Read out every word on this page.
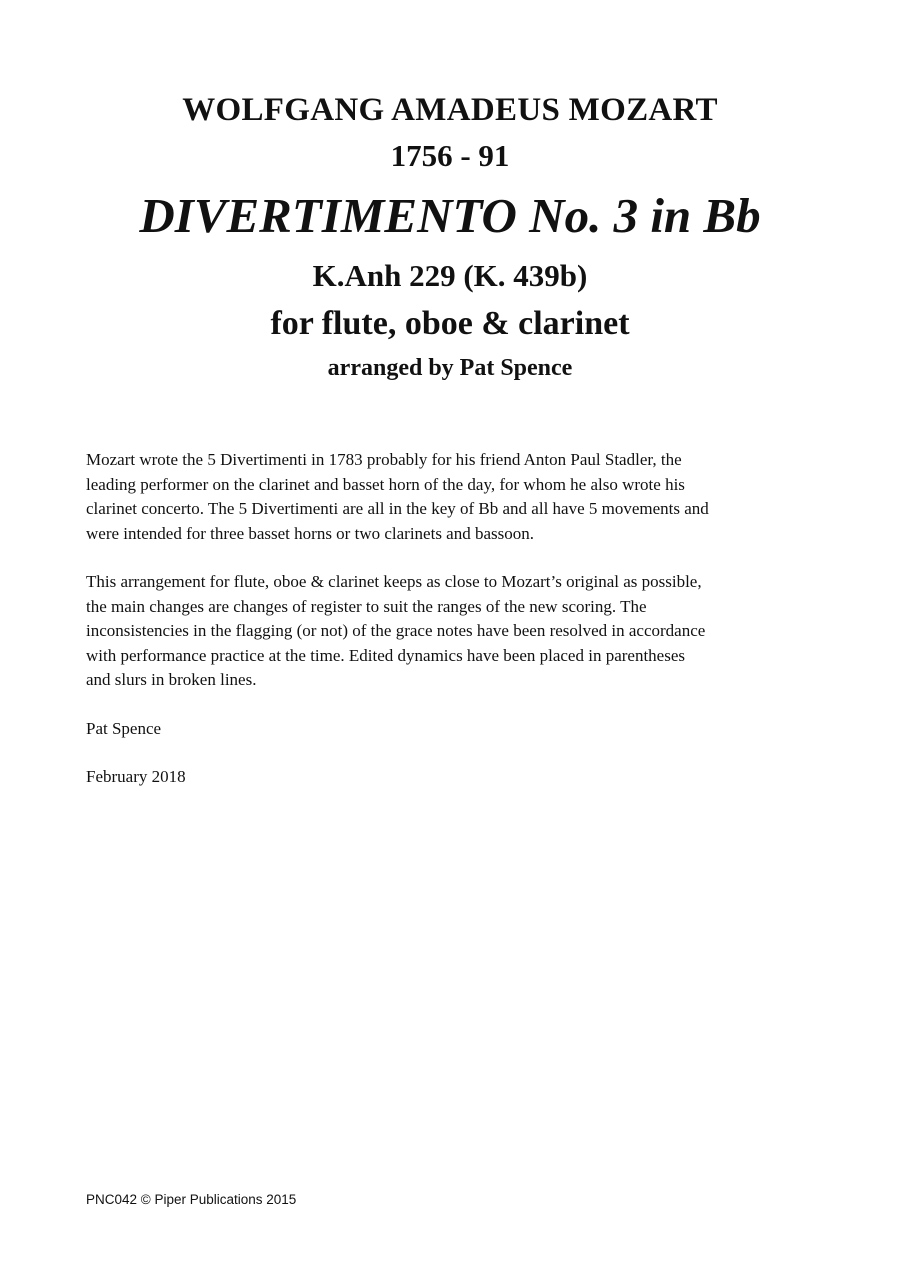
WOLFGANG AMADEUS MOZART
1756 - 91
DIVERTIMENTO No. 3 in Bb
K.Anh 229 (K. 439b)
for flute, oboe & clarinet
arranged by Pat Spence

Mozart wrote the 5 Divertimenti in 1783 probably for his friend Anton Paul Stadler, the
leading performer on the clarinet and basset horn of the day, for whom he also wrote his
clarinet concerto. The 5 Divertimenti are all in the key of Bb and all have 5 movements and
were intended for three basset horns or two clarinets and bassoon.

This arrangement for flute, oboe & clarinet keeps as close to Mozart’s original as possible,
the main changes are changes of register to suit the ranges of the new scoring. The
inconsistencies in the flagging (or not) of the grace notes have been resolved in accordance
with performance practice at the time. Edited dynamics have been placed in parentheses
and slurs in broken lines.

Pat Spence

February 2018

PNC042 © Piper Publications 2015
